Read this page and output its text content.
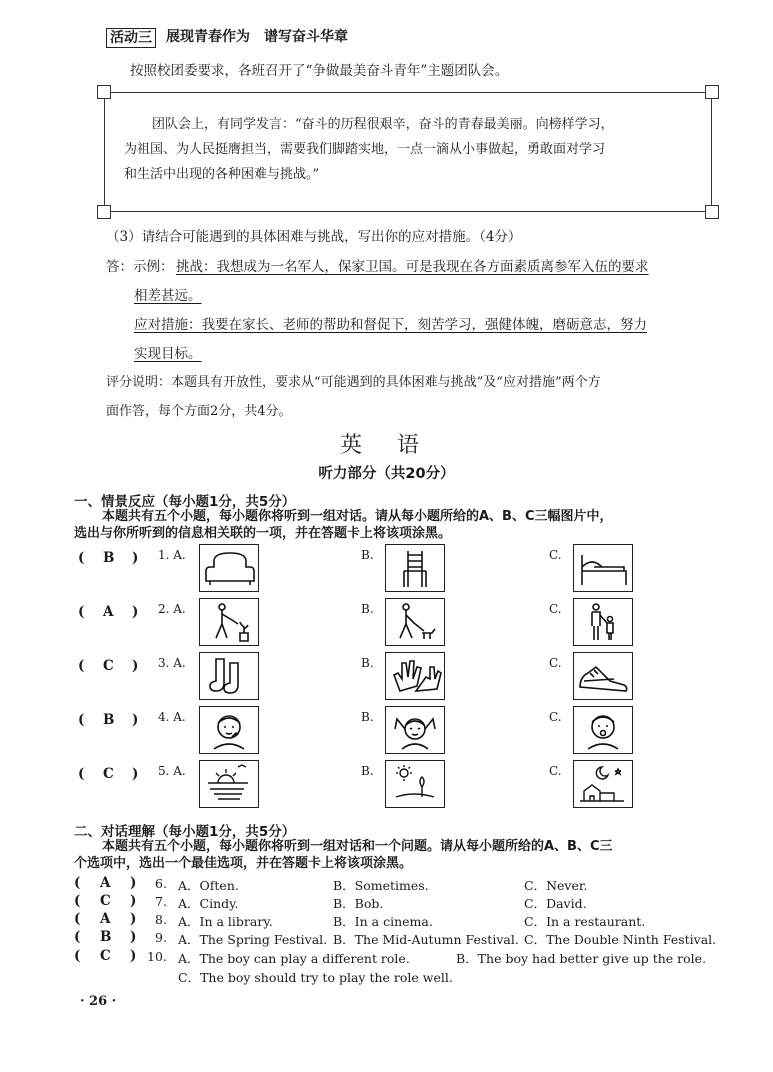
活动三 展现青春作为　谱写奋斗华章
按照校团委要求，各班召开了“争做最美奋斗青年”主题团队会。
团队会上，有同学发言：“奋斗的历程很艰辛，奋斗的青春最美丽。向榜样学习，
为祖国、为人民挺膺担当，需要我们脚踏实地，一点一滴从小事做起，勇敢面对学习
和生活中出现的各种困难与挑战。”
（3）请结合可能遇到的具体困难与挑战，写出你的应对措施。（4分）
答：示例： 挑战：我想成为一名军人，保家卫国。可是我现在各方面素质离参军入伍的要求
相差甚远。
应对措施：我要在家长、老师的帮助和督促下，刻苦学习，强健体魄，磨砺意志，努力
实现目标。
评分说明：本题具有开放性，要求从“可能遇到的具体困难与挑战”及“应对措施”两个方
面作答，每个方面2分，共4分。
英 语
听力部分（共20分）
一、情景反应（每小题1分，共5分）
本题共有五个小题，每小题你将听到一组对话。请从每小题所给的A、B、C三幅图片中，
选出与你所听到的信息相关联的一项，并在答题卡上将该项涂黑。
( B ) 1. A.	B.	C.
( A ) 2. A.	B.	C.
( C ) 3. A.	B.	C.
( B ) 4. A.	B.	C.
( C ) 5. A.	B.	C.
二、对话理解（每小题1分，共5分）
本题共有五个小题，每小题你将听到一组对话和一个问题。请从每小题所给的A、B、C三
个选项中，选出一个最佳选项，并在答题卡上将该项涂黑。
( A ) 6. A．Often.	B．Sometimes.	C．Never.
( C ) 7. A．Cindy.	B．Bob.	C．David.
( A ) 8. A．In a library.	B．In a cinema.	C．In a restaurant.
( B ) 9. A．The Spring Festival. B．The Mid-Autumn Festival. C．The Double Ninth Festival.
( C ) 10. A．The boy can play a different role.	B．The boy had better give up the role.
C．The boy should try to play the role well.
· 26 ·
